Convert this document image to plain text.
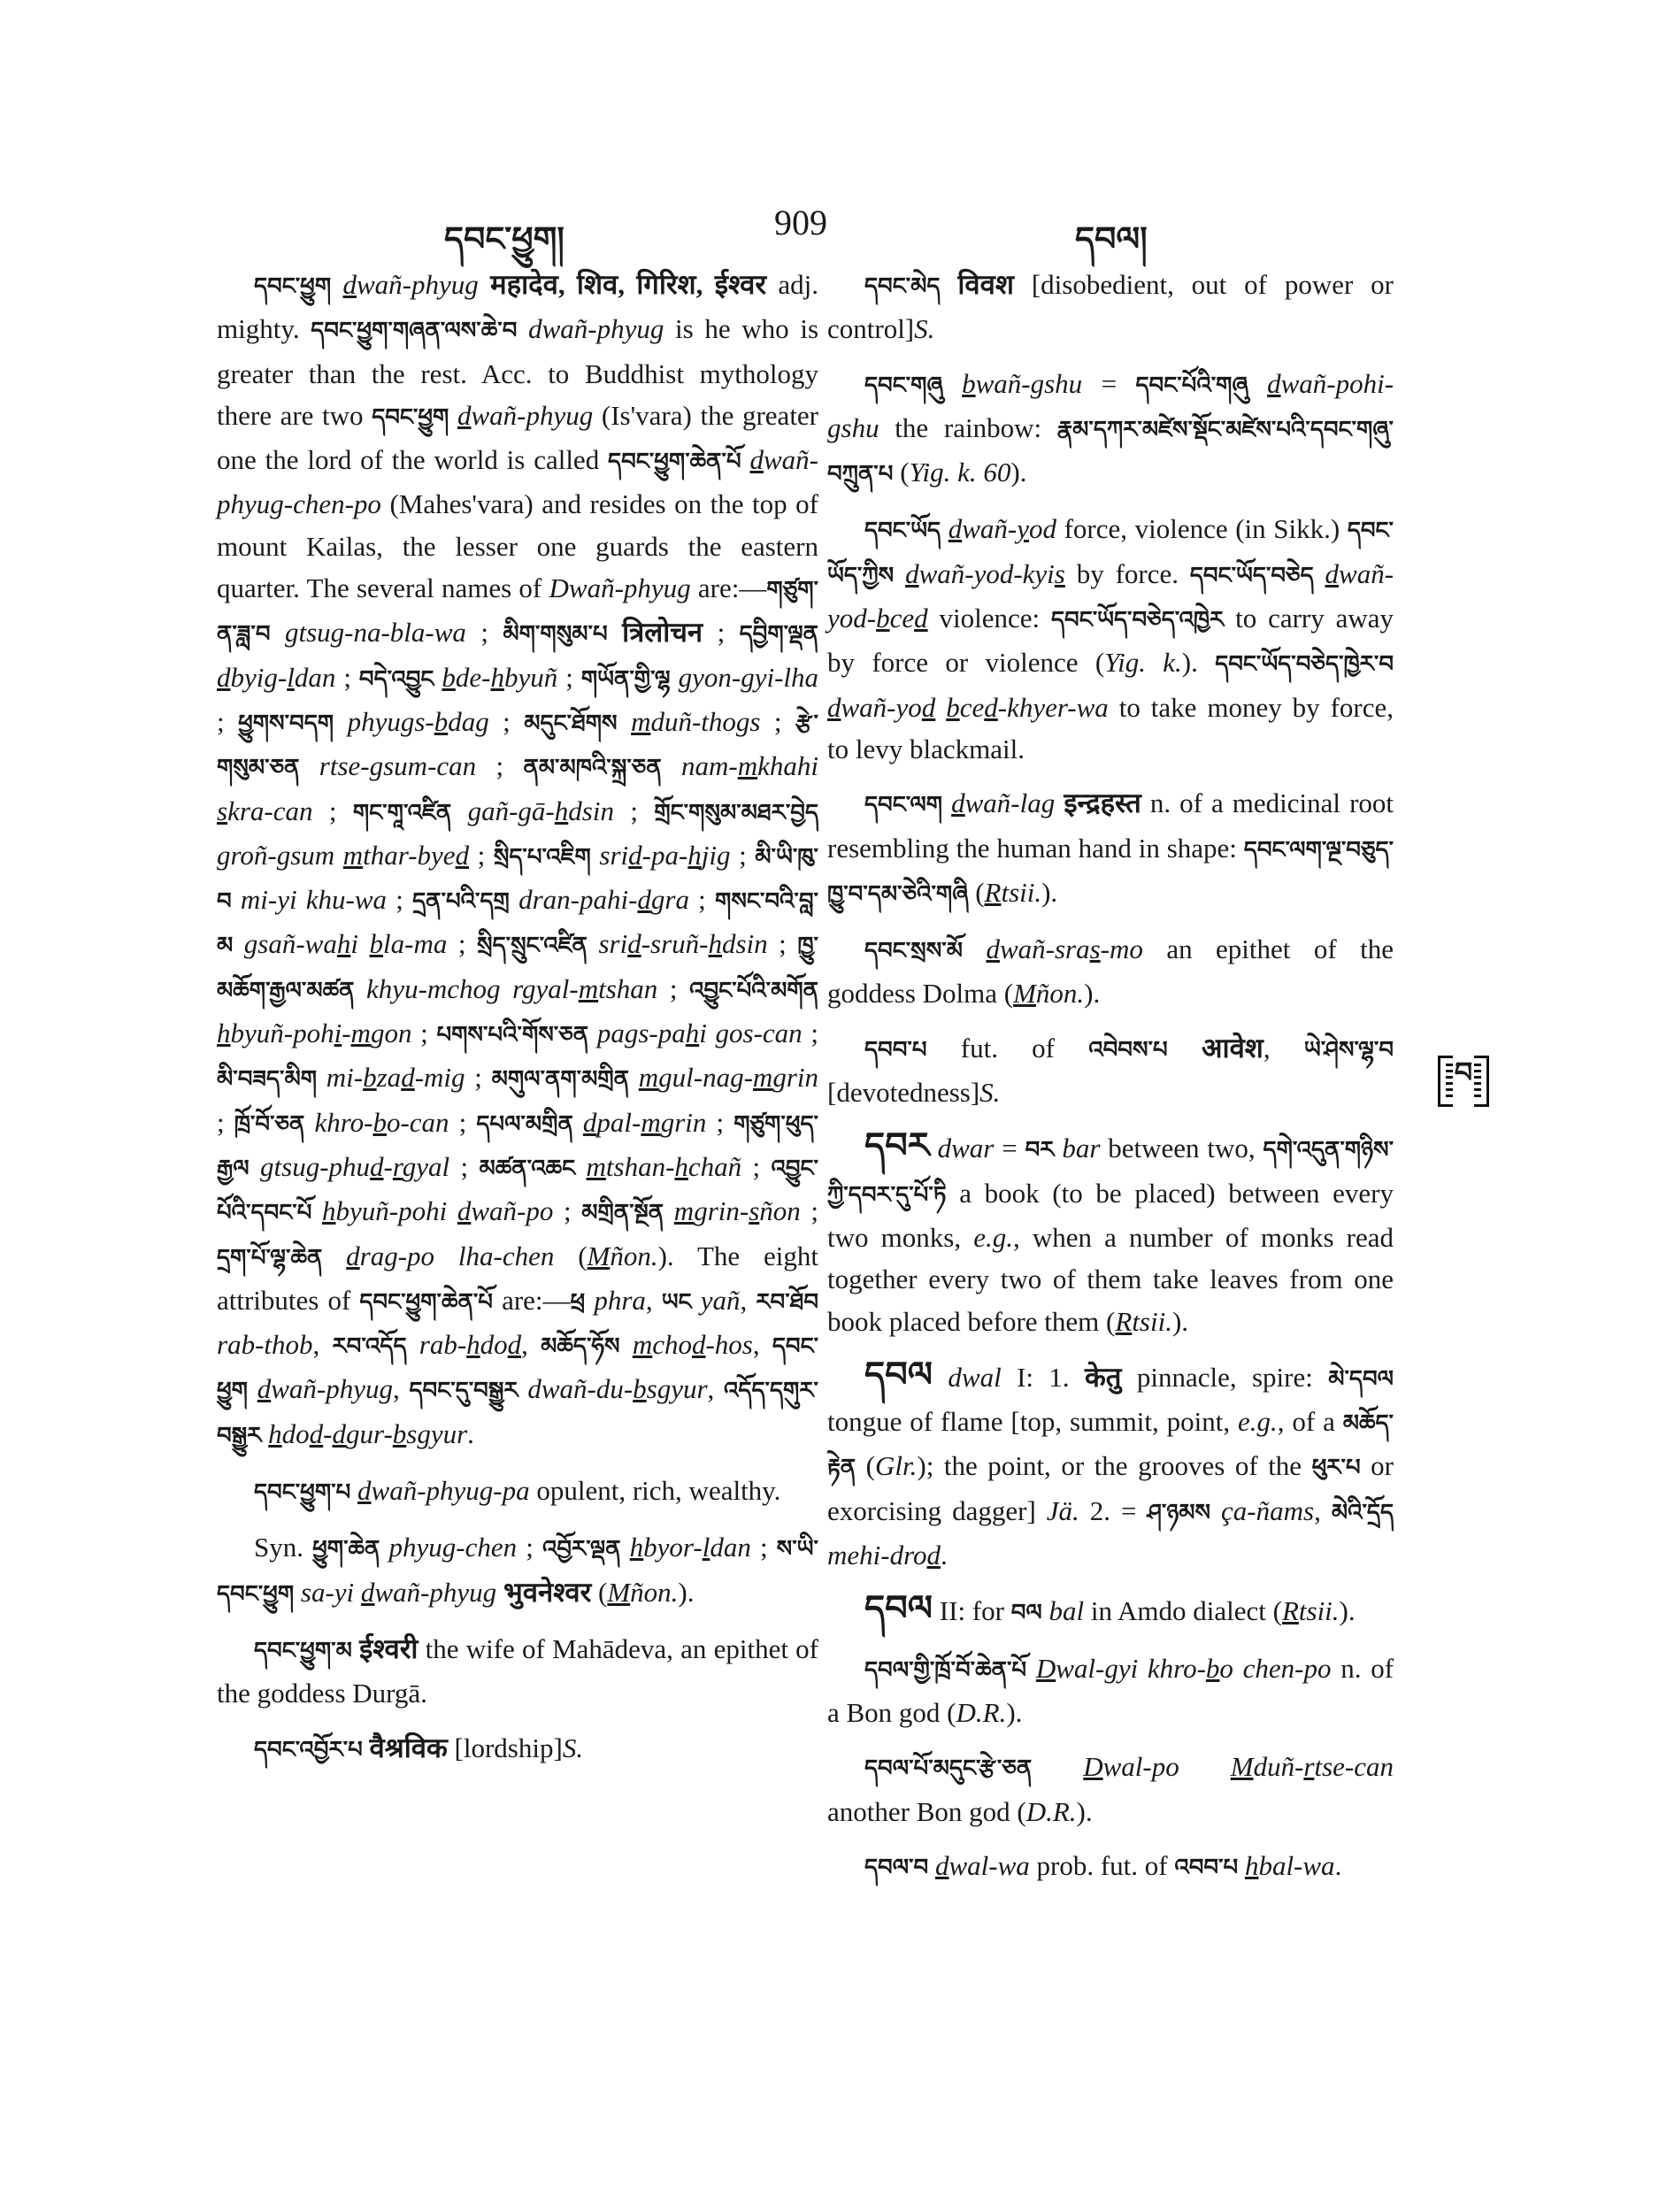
དབང་ཕྱུག།	909	དབལ།

དབང་ཕྱུག dwañ-phyug महादेव, शिव, गिरिश, ईश्वर adj. mighty. དབང་ཕྱུག་གཞན་ལས་ཆེ་བ dwañ-phyug is he who is greater than the rest. Acc. to Buddhist mythology there are two དབང་ཕྱུག dwañ-phyug (Is'vara) the greater one the lord of the world is called དབང་ཕྱུག་ཆེན་པོ dwañ-phyug-chen-po (Mahes'vara) and resides on the top of mount Kailas, the lesser one guards the eastern quarter. The several names of Dwañ-phyug are:—གཙུག་ན་ཟླ་བ gtsug-na-bla-wa ; མིག་གསུམ་པ त्रिलोचन ; དབྱིག་ལྡན dbyig-ldan ; བདེ་འབྱུང bde-hbyuñ ; གཡོན་གྱི་ལྷ gyon-gyi-lha ; ཕྱུགས་བདག phyugs-bdag ; མདུང་ཐོགས mduñ-thogs ; རྩེ་གསུམ་ཅན rtse-gsum-can ; ནམ་མཁའི་སྐྲ་ཅན nam-mkhahi skra-can ; གང་གཱ་འཛིན gañ-gā-hdsin ; གྲོང་གསུམ་མཐར་བྱེད groñ-gsum mthar-byed ; སྲིད་པ་འཇིག srid-pa-hjig ; མི་ཡི་ཁུ་བ mi-yi khu-wa ; དྲན་པའི་དགྲ dran-pahi-dgra ; གསང་བའི་བླ་མ gsañ-wahi bla-ma ; སྲིད་སྲུང་འཛིན srid-sruñ-hdsin ; ཁྱུ་མཆོག་རྒྱལ་མཚན khyu-mchog rgyal-mtshan ; འབྱུང་པོའི་མགོན hbyuñ-pohi-mgon ; པགས་པའི་གོས་ཅན pags-pahi gos-can ; མི་བཟད་མིག mi-bzad-mig ; མགུལ་ནག་མགྲིན mgul-nag-mgrin ; ཁྲོ་བོ་ཅན khro-bo-can ; དཔལ་མགྲིན dpal-mgrin ; གཙུག་ཕུད་རྒྱལ gtsug-phud-rgyal ; མཚན་འཆང mtshan-hchañ ; འབྱུང་པོའི་དབང་པོ hbyuñ-pohi dwañ-po ; མགྲིན་སྔོན mgrin-sñon ; དྲག་པོ་ལྷ་ཆེན drag-po lha-chen (Mñon.). The eight attributes of དབང་ཕྱུག་ཆེན་པོ are:—ཕྲ phra, ཡང yañ, རབ་ཐོབ rab-thob, རབ་འདོད rab-hdod, མཆོད་ཧོས mchod-hos, དབང་ཕྱུག dwañ-phyug, དབང་དུ་བསྒྱུར dwañ-du-bsgyur, འདོད་དགུར་བསྒྱུར hdod-dgur-bsgyur.

དབང་ཕྱུག་པ dwañ-phyug-pa opulent, rich, wealthy.

Syn. ཕྱུག་ཆེན phyug-chen ; འབྱོར་ལྡན hbyor-ldan ; ས་ཡི་དབང་ཕྱུག sa-yi dwañ-phyug भुवनेश्वर (Mñon.).

དབང་ཕྱུག་མ ईश्वरी the wife of Mahādeva, an epithet of the goddess Durgā.

དབང་འབྱོར་པ वैश्रविक [lordship]S.

དབང་མེད विवश [disobedient, out of power or control]S.

དབང་གཞུ bwañ-gshu = དབང་པོའི་གཞུ dwañ-pohi-gshu the rainbow: རྣམ་དཀར་མཛེས་སྡོང་མཛེས་པའི་དབང་གཞུ་བཀྲུན་པ (Yig. k. 60).

དབང་ཡོད dwañ-yod force, violence (in Sikk.) དབང་ཡོད་ཀྱིས dwañ-yod-kyis by force. དབང་ཡོད་བཅེད dwañ-yod-bced violence: དབང་ཡོད་བཅེད་འཁྱེར to carry away by force or violence (Yig. k.). དབང་ཡོད་བཅེད་ཁྱེར་བ dwañ-yod bced-khyer-wa to take money by force, to levy blackmail.

དབང་ལག dwañ-lag इन्द्रहस्त n. of a medicinal root resembling the human hand in shape: དབང་ལག་ལྔ་བཅུད་ཁྱུ་བ་དམ་ཅེའི་གཞི (Rtsii.).

དབང་སྲས་མོ dwañ-sras-mo an epithet of the goddess Dolma (Mñon.).

དབབ་པ fut. of འབེབས་པ आवेश, ཡེ་ཤེས་ལྷ་བ [devotedness]S.

དབར dwar = བར bar between two, དགེ་འདུན་གཉིས་ཀྱི་དབར་དུ་པོ་ཏི a book (to be placed) between every two monks, e.g., when a number of monks read together every two of them take leaves from one book placed before them (Rtsii.).

དབལ dwal I: 1. केतु pinnacle, spire: མེ་དབལ tongue of flame [top, summit, point, e.g., of a མཆོད་རྟེན (Glr.); the point, or the grooves of the ཕུར་པ or exorcising dagger] Jä. 2. = ཤ་ཉམས ça-ñams, མེའི་དྲོད mehi-drod.

དབལ II: for བལ bal in Amdo dialect (Rtsii.).

དབལ་གྱི་ཁྲོ་བོ་ཆེན་པོ Dwal-gyi khro-bo chen-po n. of a Bon god (D.R.).

དབལ་པོ་མདུང་རྩེ་ཅན Dwal-po Mduñ-rtse-can another Bon god (D.R.).

དབལ་བ dwal-wa prob. fut. of འབབ་པ hbal-wa.

བ
